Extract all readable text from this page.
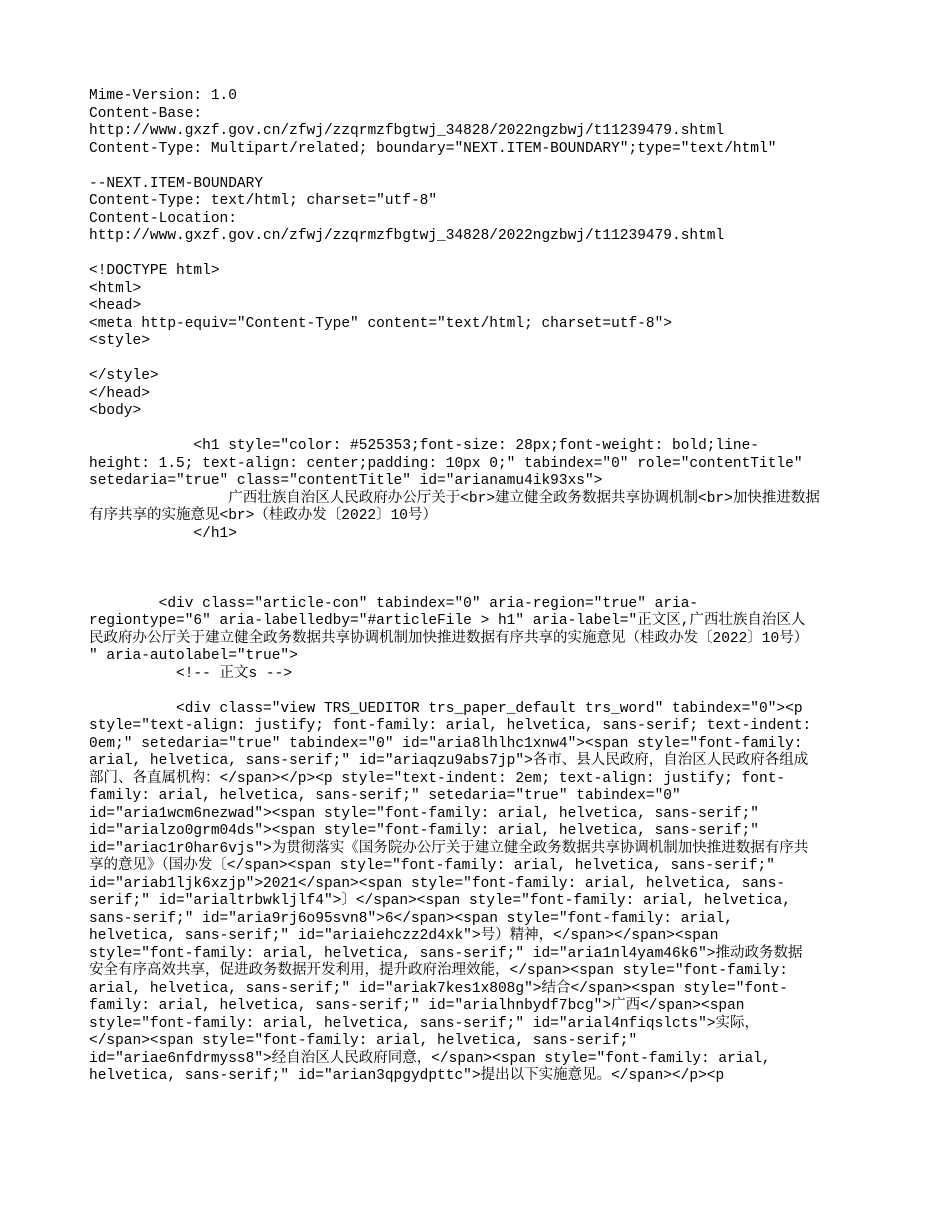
Mime-Version: 1.0
Content-Base:
http://www.gxzf.gov.cn/zfwj/zzqrmzfbgtwj_34828/2022ngzbwj/t11239479.shtml
Content-Type: Multipart/related; boundary="NEXT.ITEM-BOUNDARY";type="text/html"
--NEXT.ITEM-BOUNDARY
Content-Type: text/html; charset="utf-8"
Content-Location:
http://www.gxzf.gov.cn/zfwj/zzqrmzfbgtwj_34828/2022ngzbwj/t11239479.shtml
<!DOCTYPE html>
<html>
<head>
<meta http-equiv="Content-Type" content="text/html; charset=utf-8">
<style>
</style>
</head>
<body>
<h1 style="color: #525353;font-size: 28px;font-weight: bold;line-
height: 1.5; text-align: center;padding: 10px 0;" tabindex="0" role="contentTitle"
setedaria="true" class="contentTitle" id="arianamu4ik93xs">
广西壮族自治区人民政府办公厅关于<br>建立健全政务数据共享协调机制<br>加快推进数据
有序共享的实施意见<br>（桂政办发〔2022〕10号）
</h1>
<div class="article-con" tabindex="0" aria-region="true" aria-
regiontype="6" aria-labelledby="#articleFile > h1" aria-label="正文区,广西壮族自治区人
民政府办公厅关于建立健全政务数据共享协调机制加快推进数据有序共享的实施意见（桂政办发〔2022〕10号）
" aria-autolabel="true">
<!-- 正文s -->
<div class="view TRS_UEDITOR trs_paper_default trs_word" tabindex="0"><p
style="text-align: justify; font-family: arial, helvetica, sans-serif; text-indent:
0em;" setedaria="true" tabindex="0" id="aria8lhlhc1xnw4"><span style="font-family:
arial, helvetica, sans-serif;" id="ariaqzu9abs7jp">各市、县人民政府，自治区人民政府各组成
部门、各直属机构：</span></p><p style="text-indent: 2em; text-align: justify; font-
family: arial, helvetica, sans-serif;" setedaria="true" tabindex="0"
id="aria1wcm6nezwad"><span style="font-family: arial, helvetica, sans-serif;"
id="arialzo0grm04ds"><span style="font-family: arial, helvetica, sans-serif;"
id="ariac1r0har6vjs">为贯彻落实《国务院办公厅关于建立健全政务数据共享协调机制加快推进数据有序共
享的意见》（国办发〔</span><span style="font-family: arial, helvetica, sans-serif;"
id="ariab1ljk6xzjp">2021</span><span style="font-family: arial, helvetica, sans-
serif;" id="arialtrbwkljlf4">〕</span><span style="font-family: arial, helvetica,
sans-serif;" id="aria9rj6o95svn8">6</span><span style="font-family: arial,
helvetica, sans-serif;" id="ariaiehczz2d4xk">号）精神，</span></span><span
style="font-family: arial, helvetica, sans-serif;" id="aria1nl4yam46k6">推动政务数据
安全有序高效共享，促进政务数据开发利用，提升政府治理效能，</span><span style="font-family:
arial, helvetica, sans-serif;" id="ariak7kes1x808g">结合</span><span style="font-
family: arial, helvetica, sans-serif;" id="arialhnbydf7bcg">广西</span><span
style="font-family: arial, helvetica, sans-serif;" id="arial4nfiqslcts">实际，
</span><span style="font-family: arial, helvetica, sans-serif;"
id="ariae6nfdrmyss8">经自治区人民政府同意，</span><span style="font-family: arial,
helvetica, sans-serif;" id="arian3qpgydpttc">提出以下实施意见。</span></p><p
